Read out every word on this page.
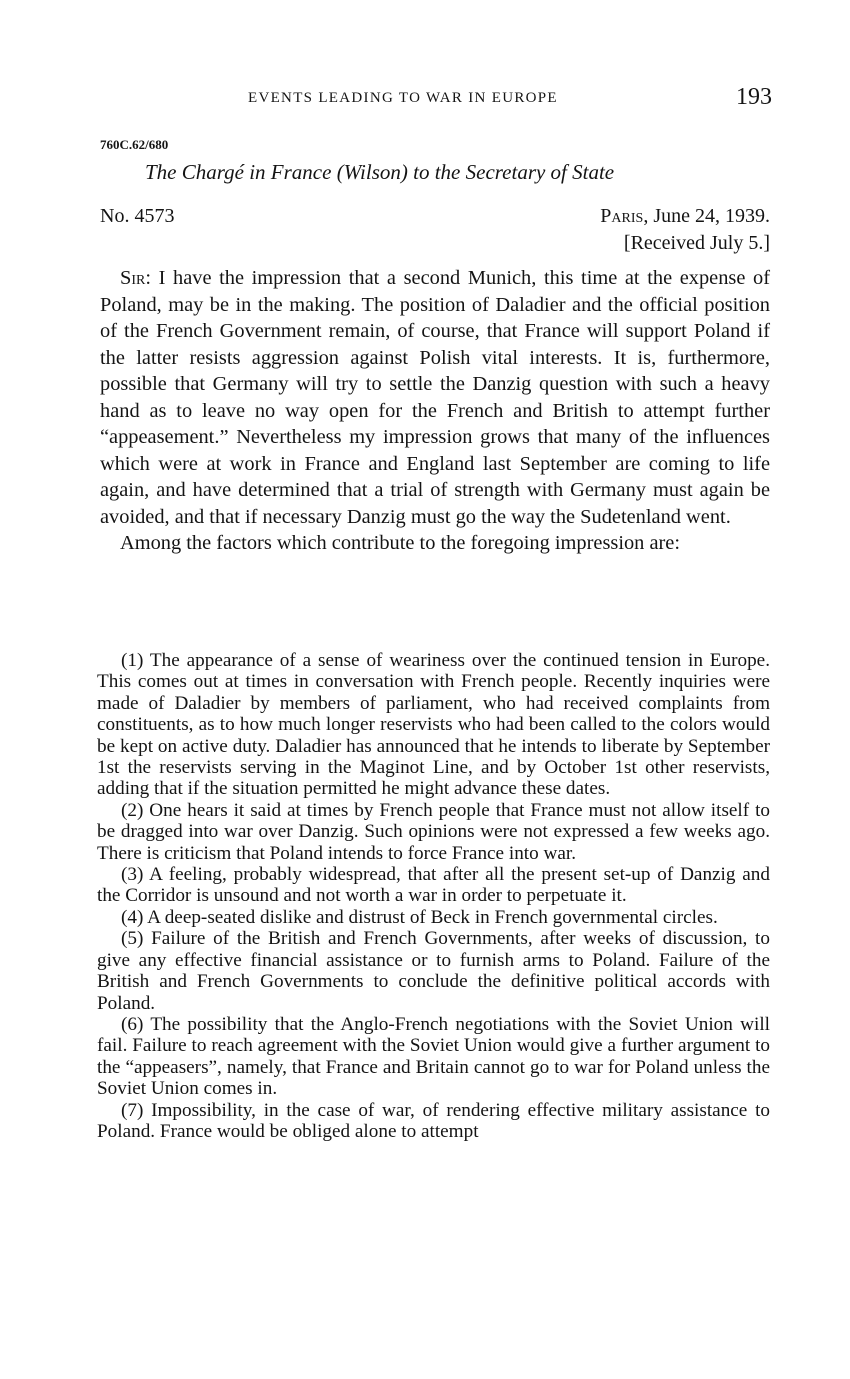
EVENTS LEADING TO WAR IN EUROPE	193
760C.62/680
The Chargé in France (Wilson) to the Secretary of State
No. 4573	Paris, June 24, 1939.
[Received July 5.]

Sir: I have the impression that a second Munich, this time at the expense of Poland, may be in the making. The position of Daladier and the official position of the French Government remain, of course, that France will support Poland if the latter resists aggression against Polish vital interests. It is, furthermore, possible that Germany will try to settle the Danzig question with such a heavy hand as to leave no way open for the French and British to attempt further “appeasement.” Nevertheless my impression grows that many of the influences which were at work in France and England last September are coming to life again, and have determined that a trial of strength with Germany must again be avoided, and that if necessary Danzig must go the way the Sudetenland went.

Among the factors which contribute to the foregoing impression are:

(1) The appearance of a sense of weariness over the continued tension in Europe. This comes out at times in conversation with French people. Recently inquiries were made of Daladier by members of parliament, who had received complaints from constituents, as to how much longer reservists who had been called to the colors would be kept on active duty. Daladier has announced that he intends to liberate by September 1st the reservists serving in the Maginot Line, and by October 1st other reservists, adding that if the situation permitted he might advance these dates.

(2) One hears it said at times by French people that France must not allow itself to be dragged into war over Danzig. Such opinions were not expressed a few weeks ago. There is criticism that Poland intends to force France into war.

(3) A feeling, probably widespread, that after all the present set-up of Danzig and the Corridor is unsound and not worth a war in order to perpetuate it.

(4) A deep-seated dislike and distrust of Beck in French governmental circles.

(5) Failure of the British and French Governments, after weeks of discussion, to give any effective financial assistance or to furnish arms to Poland. Failure of the British and French Governments to conclude the definitive political accords with Poland.

(6) The possibility that the Anglo-French negotiations with the Soviet Union will fail. Failure to reach agreement with the Soviet Union would give a further argument to the “appeasers”, namely, that France and Britain cannot go to war for Poland unless the Soviet Union comes in.

(7) Impossibility, in the case of war, of rendering effective military assistance to Poland. France would be obliged alone to attempt
